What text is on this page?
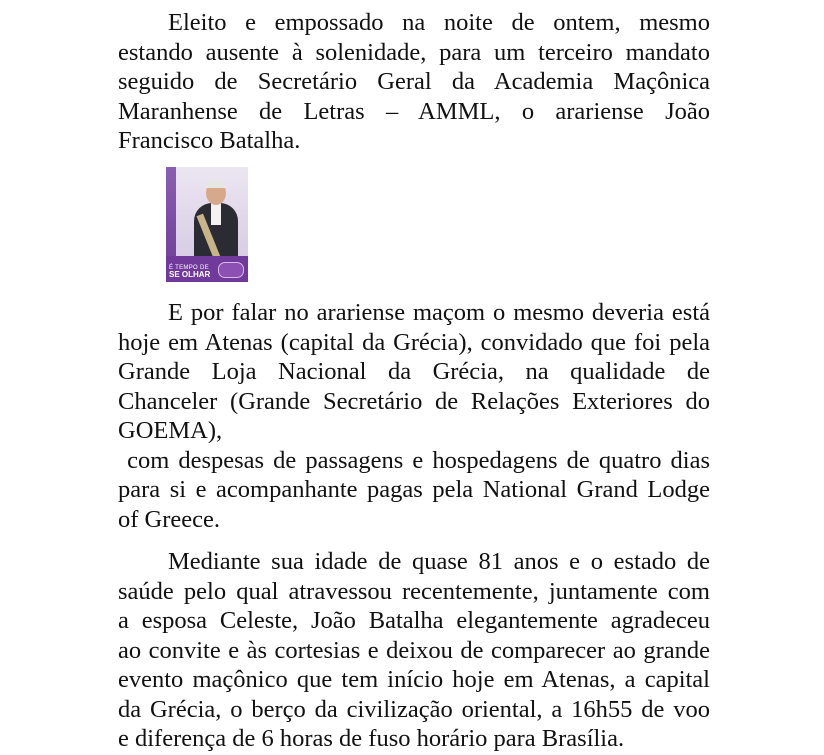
Eleito e empossado na noite de ontem, mesmo
estando ausente à solenidade, para um terceiro mandato
seguido de Secretário Geral da Academia Maçônica
Maranhense de Letras – AMML, o arariense João
Francisco Batalha.

É TEMPO DE
SE OLHAR

E por falar no arariense maçom o mesmo deveria está
hoje em Atenas (capital da Grécia), convidado que foi pela
Grande Loja Nacional da Grécia, na qualidade de
Chanceler (Grande Secretário de Relações Exteriores do
GOEMA),
com despesas de passagens e hospedagens de quatro dias
para si e acompanhante pagas pela National Grand Lodge
of Greece.

Mediante sua idade de quase 81 anos e o estado de
saúde pelo qual atravessou recentemente, juntamente com
a esposa Celeste, João Batalha elegantemente agradeceu
ao convite e às cortesias e deixou de comparecer ao grande
evento maçônico que tem início hoje em Atenas, a capital
da Grécia, o berço da civilização oriental, a 16h55 de voo
e diferença de 6 horas de fuso horário para Brasília.
